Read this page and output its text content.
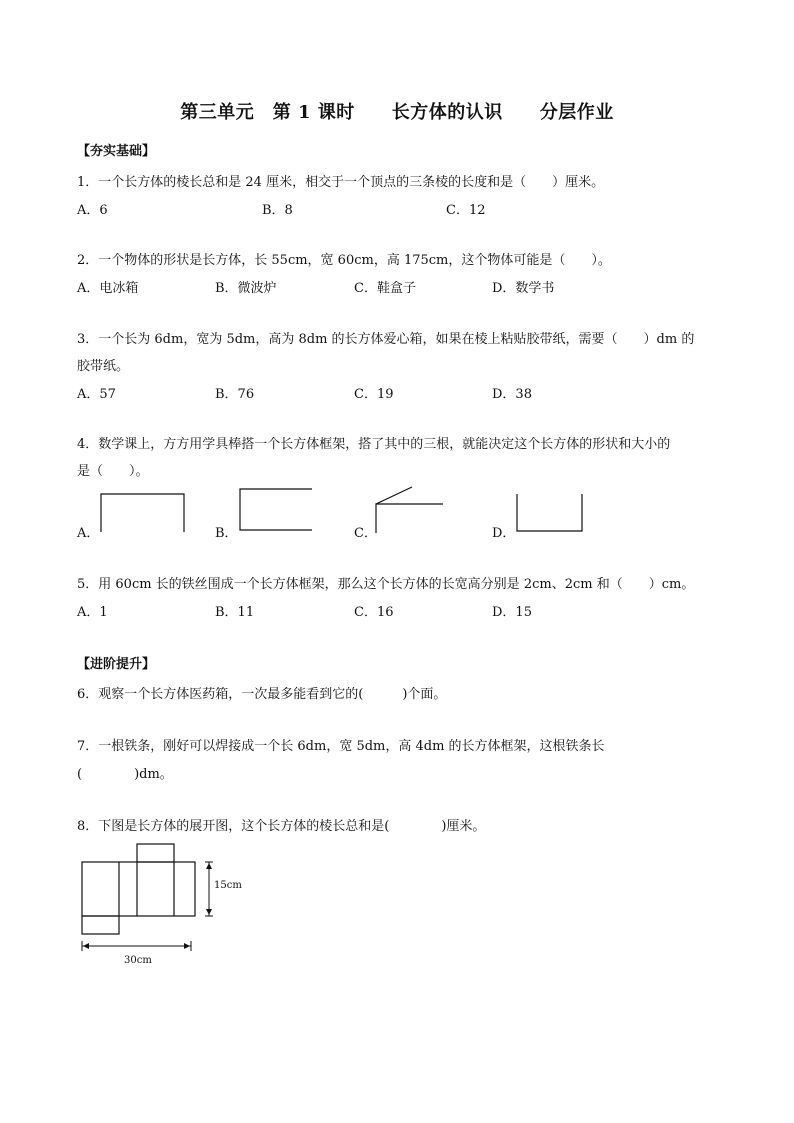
第三单元　第 1 课时　　长方体的认识　　分层作业
【夯实基础】
1．一个长方体的棱长总和是 24 厘米，相交于一个顶点的三条棱的长度和是（　　）厘米。
A．6	B．8	C．12
2．一个物体的形状是长方体，长 55cm，宽 60cm，高 175cm，这个物体可能是（　　）。
A．电冰箱	B．微波炉	C．鞋盒子	D．数学书
3．一个长为 6dm，宽为 5dm，高为 8dm 的长方体爱心箱，如果在棱上粘贴胶带纸，需要（　　）dm 的
胶带纸。
A．57	B．76	C．19	D．38
4．数学课上，方方用学具棒搭一个长方体框架，搭了其中的三根，就能决定这个长方体的形状和大小的
是（　　）。
A．	B．	C．	D．
5．用 60cm 长的铁丝围成一个长方体框架，那么这个长方体的长宽高分别是 2cm、2cm 和（　　）cm。
A．1	B．11	C．16	D．15
【进阶提升】
6．观察一个长方体医药箱，一次最多能看到它的(　　　)个面。
7．一根铁条，刚好可以焊接成一个长 6dm，宽 5dm，高 4dm 的长方体框架，这根铁条长
(　　　　)dm。
8．下图是长方体的展开图，这个长方体的棱长总和是(　　　　)厘米。
15cm
30cm
